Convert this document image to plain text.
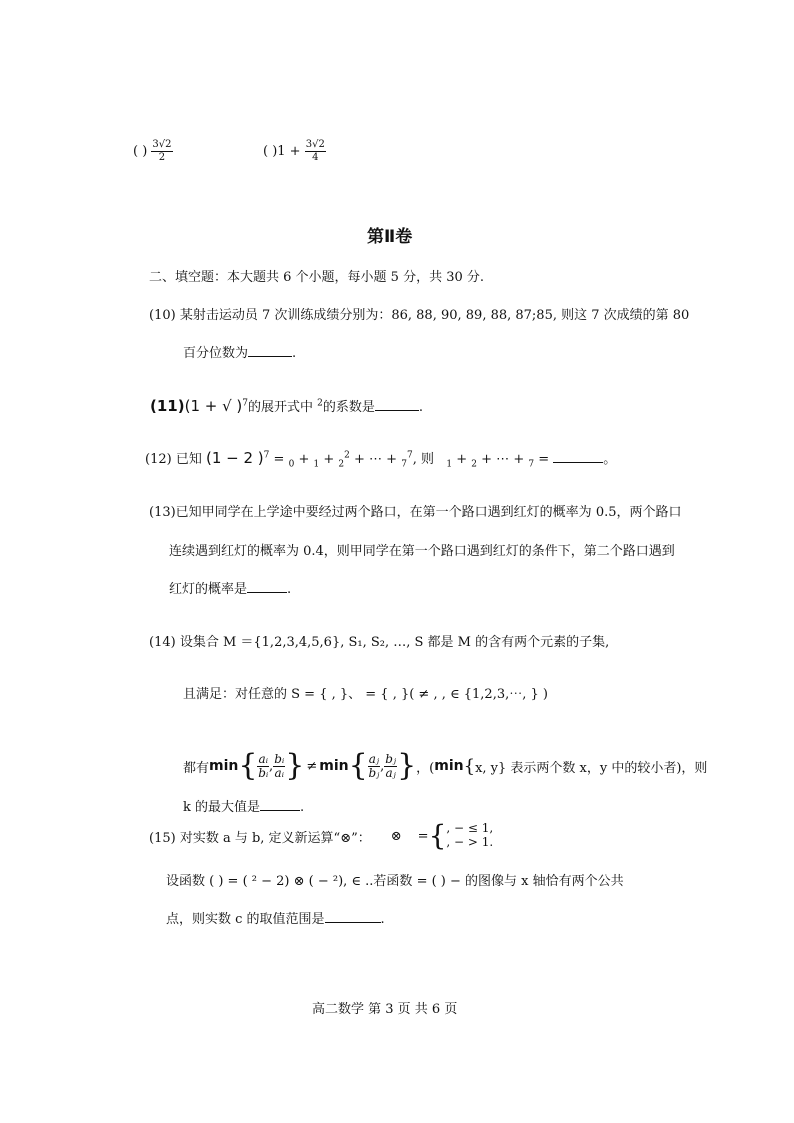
( ) $\frac{3√2}{2}$	( )$1 + \frac{3√2}{4}$
第Ⅱ卷
二、填空题：本大题共 6 个小题，每小题 5 分，共 30 分.
(10) 某射击运动员 7 次训练成绩分别为：86, 88, 90, 89, 88, 87;85, 则这 7 次成绩的第 80
百分位数为	.
(11)(1 + √ )$^7$的展开式中 $^2$的系数是	.
(12) 已知 (1 − 2 )$^7$ = $_0$ + $_1$ + $_2^2$ + ⋯ + $_7^7$, 则 $_1$ + $_2$ + ⋯ + $_7$ =	。
(13)已知甲同学在上学途中要经过两个路口，在第一个路口遇到红灯的概率为 0.5，两个路口
连续遇到红灯的概率为 0.4，则甲同学在第一个路口遇到红灯的条件下，第二个路口遇到
红灯的概率是	.
(14) 设集合 M ＝{1,2,3,4,5,6}, S₁, S₂, …, S 都是 M 的含有两个元素的子集,
且满足：对任意的 S = { , }、 = { , }( ≠ , , ∈ {1,2,3,⋯, } )
都有 min { $\frac{\text{aᵢ}}{\text{bᵢ}}$ , $\frac{\text{bᵢ}}{\text{aᵢ}}$ } ≠ min { $\frac{\text{aⱼ}}{\text{bⱼ}}$ , $\frac{\text{bⱼ}}{\text{aⱼ}}$ } ，( min { x, y} 表示两个数 x，y 中的较小者)，则
k 的最大值是	.
(15) 对实数 a 与 b, 定义新运算“⊗”： ⊗ = { , − ≤ 1,
, − > 1.
设函数 ( ) = ( ² − 2) ⊗ ( − ²), ∈ ..若函数 = ( ) − 的图像与 x 轴恰有两个公共
点，则实数 c 的取值范围是	.
高二数学 第 3 页 共 6 页
